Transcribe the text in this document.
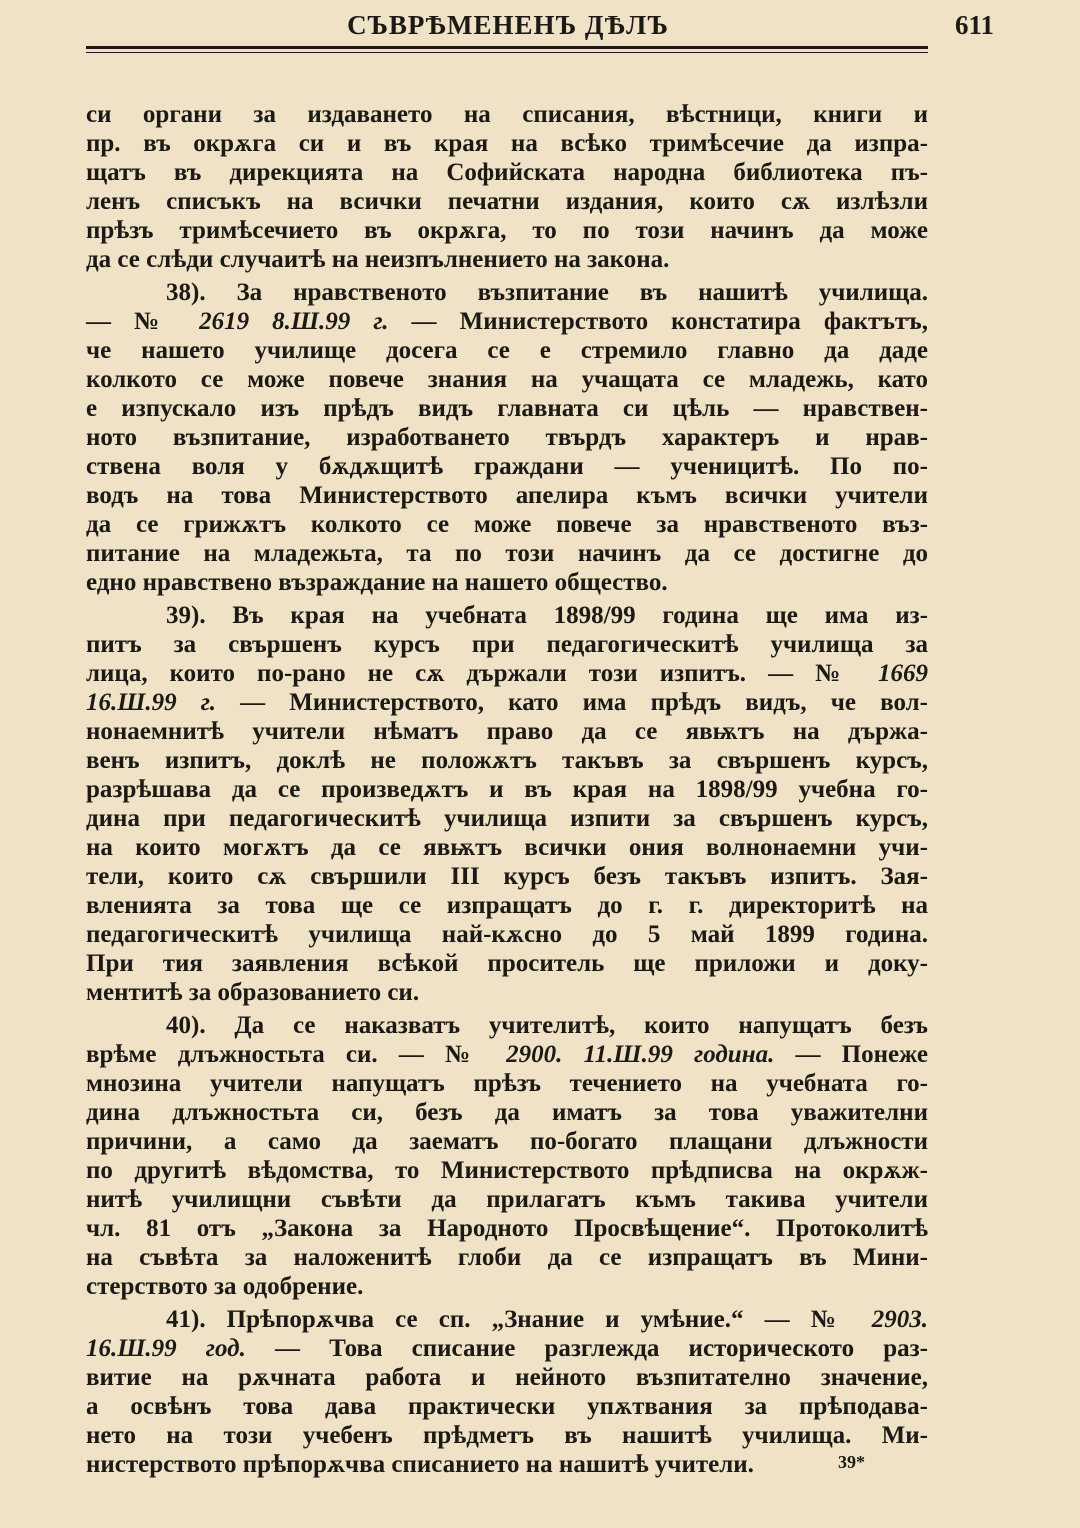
СЪВРѢМЕНЕНЪ ДѢЛЪ	611
си органи за издаването на списания, вѣстници, книги и
пр. въ окрѫга си и въ края на всѣко тримѣсечие да изпра-
щатъ въ дирекцията на Софийската народна библиотека пъ-
ленъ списъкъ на всички печатни издания, които сѫ излѣзли
прѣзъ тримѣсечието въ окрѫга, то по този начинъ да може
да се слѣди случаитѣ на неизпълнението на закона.
38). За нравственото възпитание въ нашитѣ училища.
— № 2619 8.Ш.99 г. — Министерството констатира фактътъ,
че нашето училище досега се е стремило главно да даде
колкото се може повече знания на учащата се младежь, като
е изпускало изъ прѣдъ видъ главната си цѣль — нравствен-
ното възпитание, изработването твърдъ характеръ и нрав-
ствена воля у бѫдѫщитѣ граждани — ученицитѣ. По по-
водъ на това Министерството апелира къмъ всички учители
да се грижѫтъ колкото се може повече за нравственото въз-
питание на младежьта, та по този начинъ да се достигне до
едно нравствено възраждание на нашето общество.
39). Въ края на учебната 1898/99 година ще има из-
питъ за свършенъ курсъ при педагогическитѣ училища за
лица, които по-рано не сѫ държали този изпитъ. — № 1669
16.Ш.99 г. — Министерството, като има прѣдъ видъ, че вол-
нонаемнитѣ учители нѣматъ право да се явѭтъ на държа-
венъ изпитъ, доклѣ не положѫтъ такъвъ за свършенъ курсъ,
разрѣшава да се произведѫтъ и въ края на 1898/99 учебна го-
дина при педагогическитѣ училища изпити за свършенъ курсъ,
на които могѫтъ да се явѭтъ всички ония волнонаемни учи-
тели, които сѫ свършили III курсъ безъ такъвъ изпитъ. Зая-
вленията за това ще се изпращатъ до г. г. директоритѣ на
педагогическитѣ училища най-кѫсно до 5 май 1899 година.
При тия заявления всѣкой проситель ще приложи и доку-
ментитѣ за образованието си.
40). Да се наказватъ учителитѣ, които напущатъ безъ
врѣме длъжностьта си. — № 2900. 11.Ш.99 година. — Понеже
мнозина учители напущатъ прѣзъ течението на учебната го-
дина длъжностьта си, безъ да иматъ за това уважителни
причини, а само да заематъ по-богато плащани длъжности
по другитѣ вѣдомства, то Министерството прѣдписва на окрѫж-
нитѣ училищни съвѣти да прилагатъ къмъ такива учители
чл. 81 отъ „Закона за Народното Просвѣщение“. Протоколитѣ
на съвѣта за наложенитѣ глоби да се изпращатъ въ Мини-
стерството за одобрение.
41). Прѣпорѫчва се сп. „Знание и умѣние.“ — № 2903.
16.Ш.99 год. — Това списание разглежда историческото раз-
витие на рѫчната работа и нейното възпитателно значение,
а освѣнъ това дава практически упѫтвания за прѣподава-
нето на този учебенъ прѣдметъ въ нашитѣ училища. Ми-
нистерството прѣпорѫчва списанието на нашитѣ учители.	39*
